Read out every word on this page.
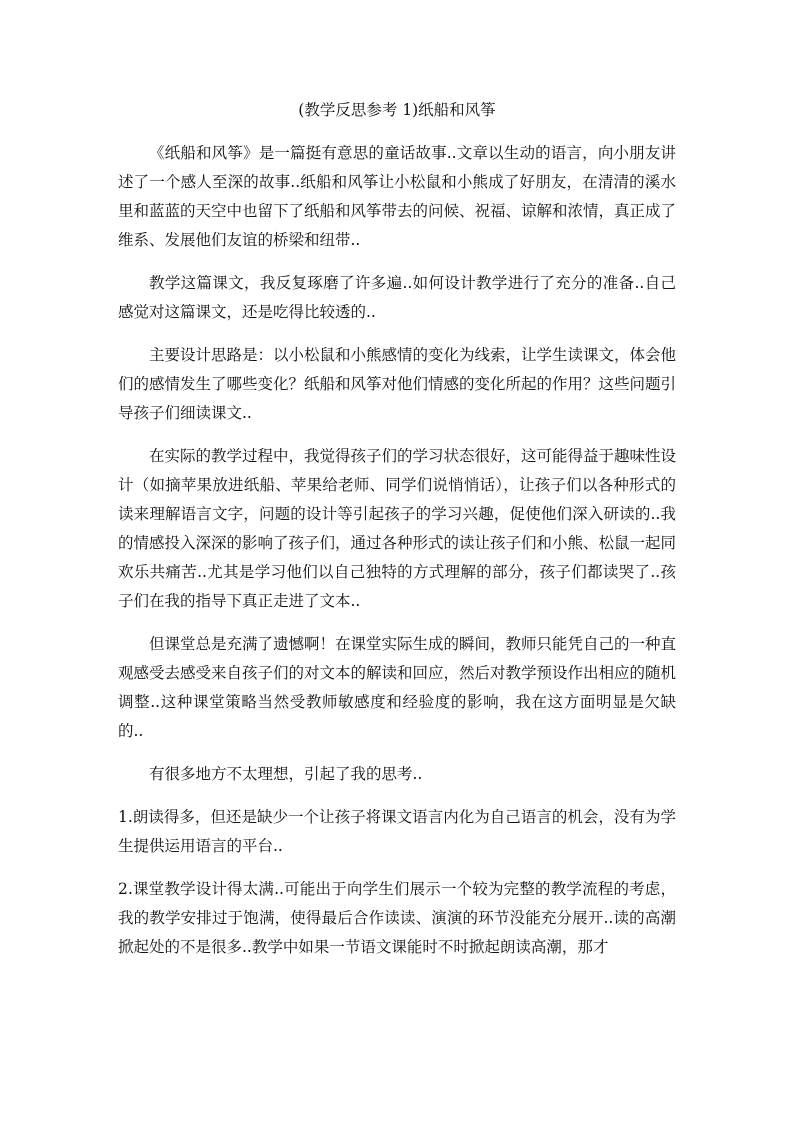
(教学反思参考 1)纸船和风筝

《纸船和风筝》是一篇挺有意思的童话故事..文章以生动的语言，向小朋友讲述了一个感人至深的故事..纸船和风筝让小松鼠和小熊成了好朋友，在清清的溪水里和蓝蓝的天空中也留下了纸船和风筝带去的问候、祝福、谅解和浓情，真正成了维系、发展他们友谊的桥梁和纽带..

教学这篇课文，我反复琢磨了许多遍..如何设计教学进行了充分的准备..自己感觉对这篇课文，还是吃得比较透的..

主要设计思路是：以小松鼠和小熊感情的变化为线索，让学生读课文，体会他们的感情发生了哪些变化？纸船和风筝对他们情感的变化所起的作用？这些问题引导孩子们细读课文..

在实际的教学过程中，我觉得孩子们的学习状态很好，这可能得益于趣味性设计（如摘苹果放进纸船、苹果给老师、同学们说悄悄话），让孩子们以各种形式的读来理解语言文字，问题的设计等引起孩子的学习兴趣，促使他们深入研读的..我的情感投入深深的影响了孩子们，通过各种形式的读让孩子们和小熊、松鼠一起同欢乐共痛苦..尤其是学习他们以自己独特的方式理解的部分，孩子们都读哭了..孩子们在我的指导下真正走进了文本..

但课堂总是充满了遗憾啊！在课堂实际生成的瞬间，教师只能凭自己的一种直观感受去感受来自孩子们的对文本的解读和回应，然后对教学预设作出相应的随机调整..这种课堂策略当然受教师敏感度和经验度的影响，我在这方面明显是欠缺的..

有很多地方不太理想，引起了我的思考..

1.朗读得多，但还是缺少一个让孩子将课文语言内化为自己语言的机会，没有为学生提供运用语言的平台..

2.课堂教学设计得太满..可能出于向学生们展示一个较为完整的教学流程的考虑，我的教学安排过于饱满，使得最后合作读读、演演的环节没能充分展开..读的高潮掀起处的不是很多..教学中如果一节语文课能时不时掀起朗读高潮，那才
